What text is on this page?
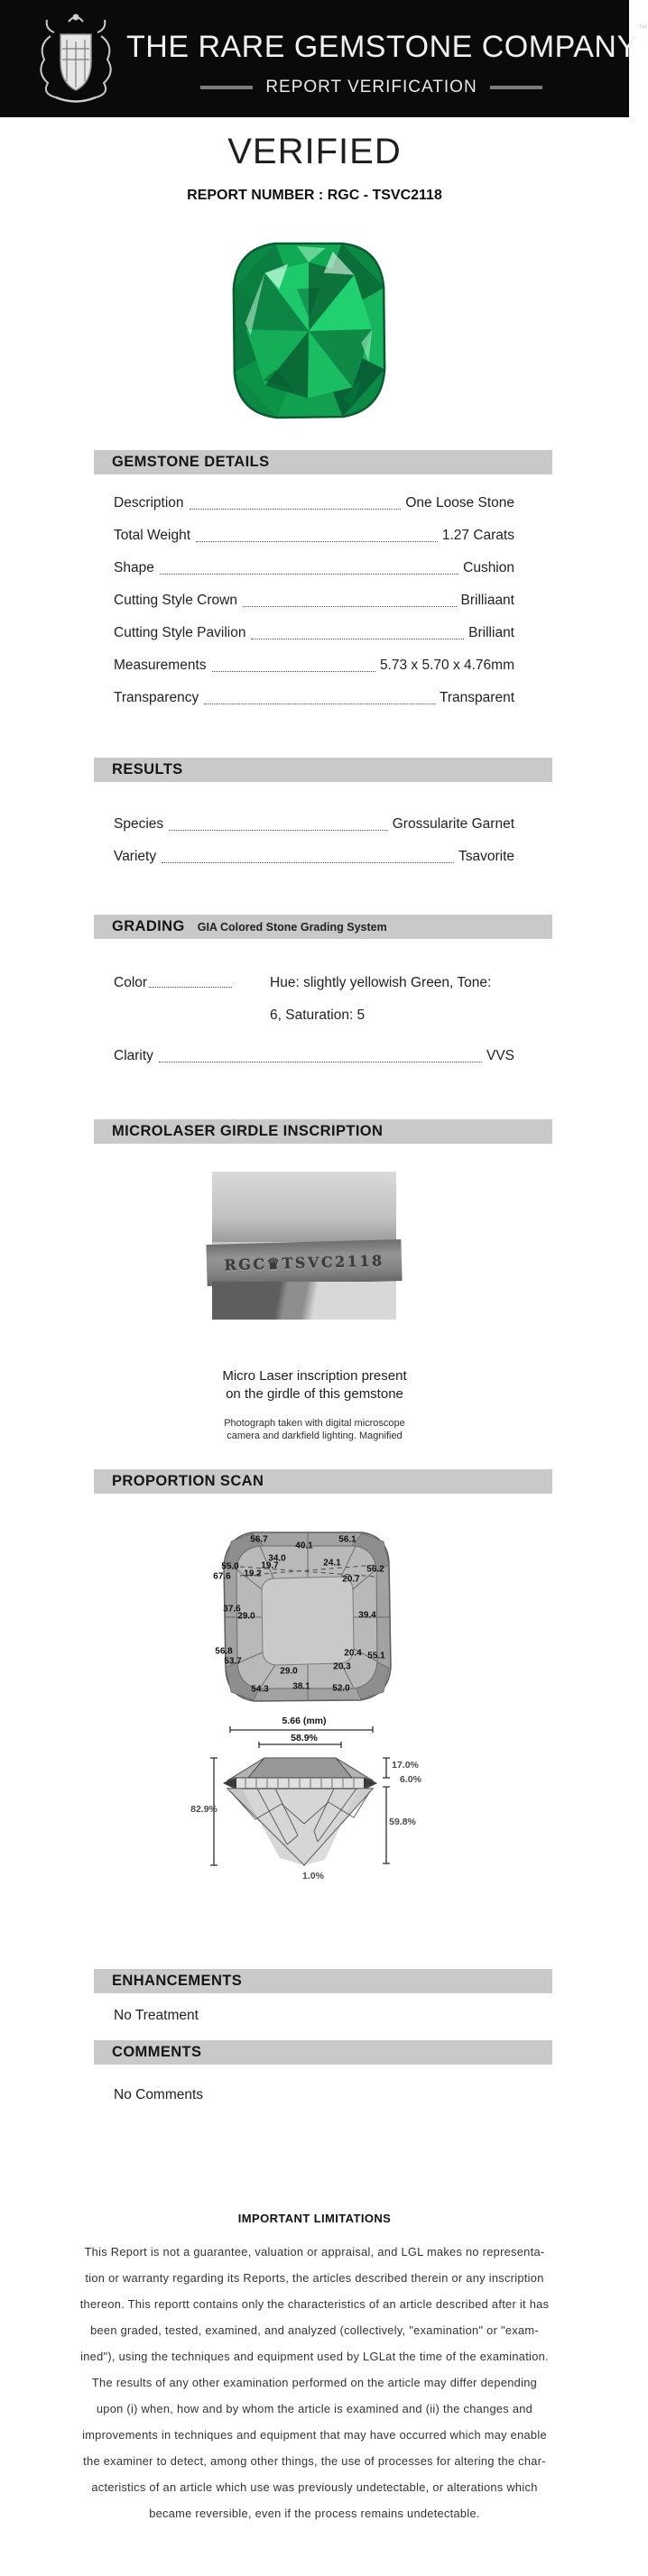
THE RARE GEMSTONE COMPANY™
REPORT VERIFICATION
VERIFIED
REPORT NUMBER : RGC - TSVC2118
GEMSTONE DETAILS
Description	One Loose Stone
Total Weight	1.27 Carats
Shape	Cushion
Cutting Style Crown	Brilliaant
Cutting Style Pavilion	Brilliant
Measurements	5.73 x 5.70 x 4.76mm
Transparency	Transparent
RESULTS
Species	Grossularite Garnet
Variety	Tsavorite
GRADING GIA Colored Stone Grading System
Color	Hue: slightly yellowish Green, Tone:
6, Saturation: 5
Clarity	VVS
MICROLASER GIRDLE INSCRIPTION
RGC♛TSVC2118
Micro Laser inscription present
on the girdle of this gemstone
Photograph taken with digital microscope
camera and darkfield lighting. Magnified
PROPORTION SCAN
5.66 (mm)
58.9%
56.7
40.1
56.1
34.0	24.1
19.7
55.0
67.6 19.2
20.7
56.2
37.6
29.0	39.4
56.8
53.7
20.4 55.1
20.3
29.0
38.1
54.3	52.0
82.9%
17.0%
6.0%
59.8%
1.0%
ENHANCEMENTS
No Treatment
COMMENTS
No Comments
IMPORTANT LIMITATIONS
This Report is not a guarantee, valuation or appraisal, and LGL makes no representa-
tion or warranty regarding its Reports, the articles described therein or any inscription
thereon. This reportt contains only the characteristics of an article described after it has
been graded, tested, examined, and analyzed (collectively, "examination" or "exam-
ined"), using the techniques and equipment used by LGLat the time of the examination.
The results of any other examination performed on the article may differ depending
upon (i) when, how and by whom the article is examined and (ii) the changes and
improvements in techniques and equipment that may have occurred which may enable
the examiner to detect, among other things, the use of processes for altering the char-
acteristics of an article which use was previously undetectable, or alterations which
became reversible, even if the process remains undetectable.
